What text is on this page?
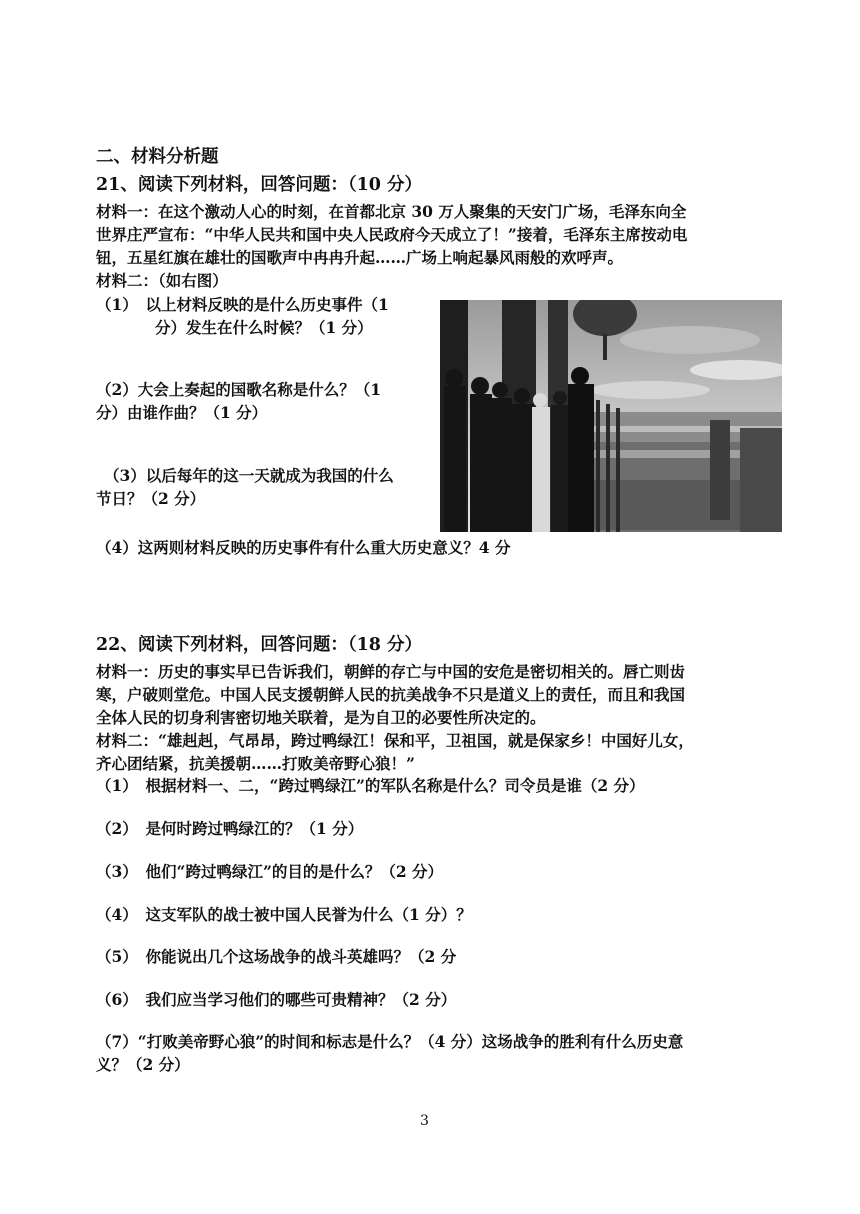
二、材料分析题
21、阅读下列材料，回答问题：（10 分）
材料一：在这个激动人心的时刻，在首都北京 30 万人聚集的天安门广场，毛泽东向全
世界庄严宣布：“中华人民共和国中央人民政府今天成立了！”接着，毛泽东主席按动电
钮，五星红旗在雄壮的国歌声中冉冉升起……广场上响起暴风雨般的欢呼声。
材料二：（如右图）
（1）　以上材料反映的是什么历史事件（1
分）发生在什么时候？（1 分）
（2）大会上奏起的国歌名称是什么？（1
分）由谁作曲？（1 分）
（3）以后每年的这一天就成为我国的什么
节日？（2 分）
（4）这两则材料反映的历史事件有什么重大历史意义？4 分
22、阅读下列材料，回答问题：（18 分）
材料一：历史的事实早已告诉我们，朝鲜的存亡与中国的安危是密切相关的。唇亡则齿
寒，户破则堂危。中国人民支援朝鲜人民的抗美战争不只是道义上的责任，而且和我国
全体人民的切身利害密切地关联着，是为自卫的必要性所决定的。
材料二：“雄赳赳，气昂昂，跨过鸭绿江！保和平，卫祖国，就是保家乡！中国好儿女，
齐心团结紧，抗美援朝……打败美帝野心狼！”
（1）　根据材料一、二，“跨过鸭绿江”的军队名称是什么？司令员是谁（2 分）
（2）　是何时跨过鸭绿江的？（1 分）
（3）　他们“跨过鸭绿江”的目的是什么？（2 分）
（4）　这支军队的战士被中国人民誉为什么（1 分）？
（5）　你能说出几个这场战争的战斗英雄吗？（2 分
（6）　我们应当学习他们的哪些可贵精神？（2 分）
（7）“打败美帝野心狼”的时间和标志是什么？（4 分）这场战争的胜利有什么历史意
义？（2 分）
3
